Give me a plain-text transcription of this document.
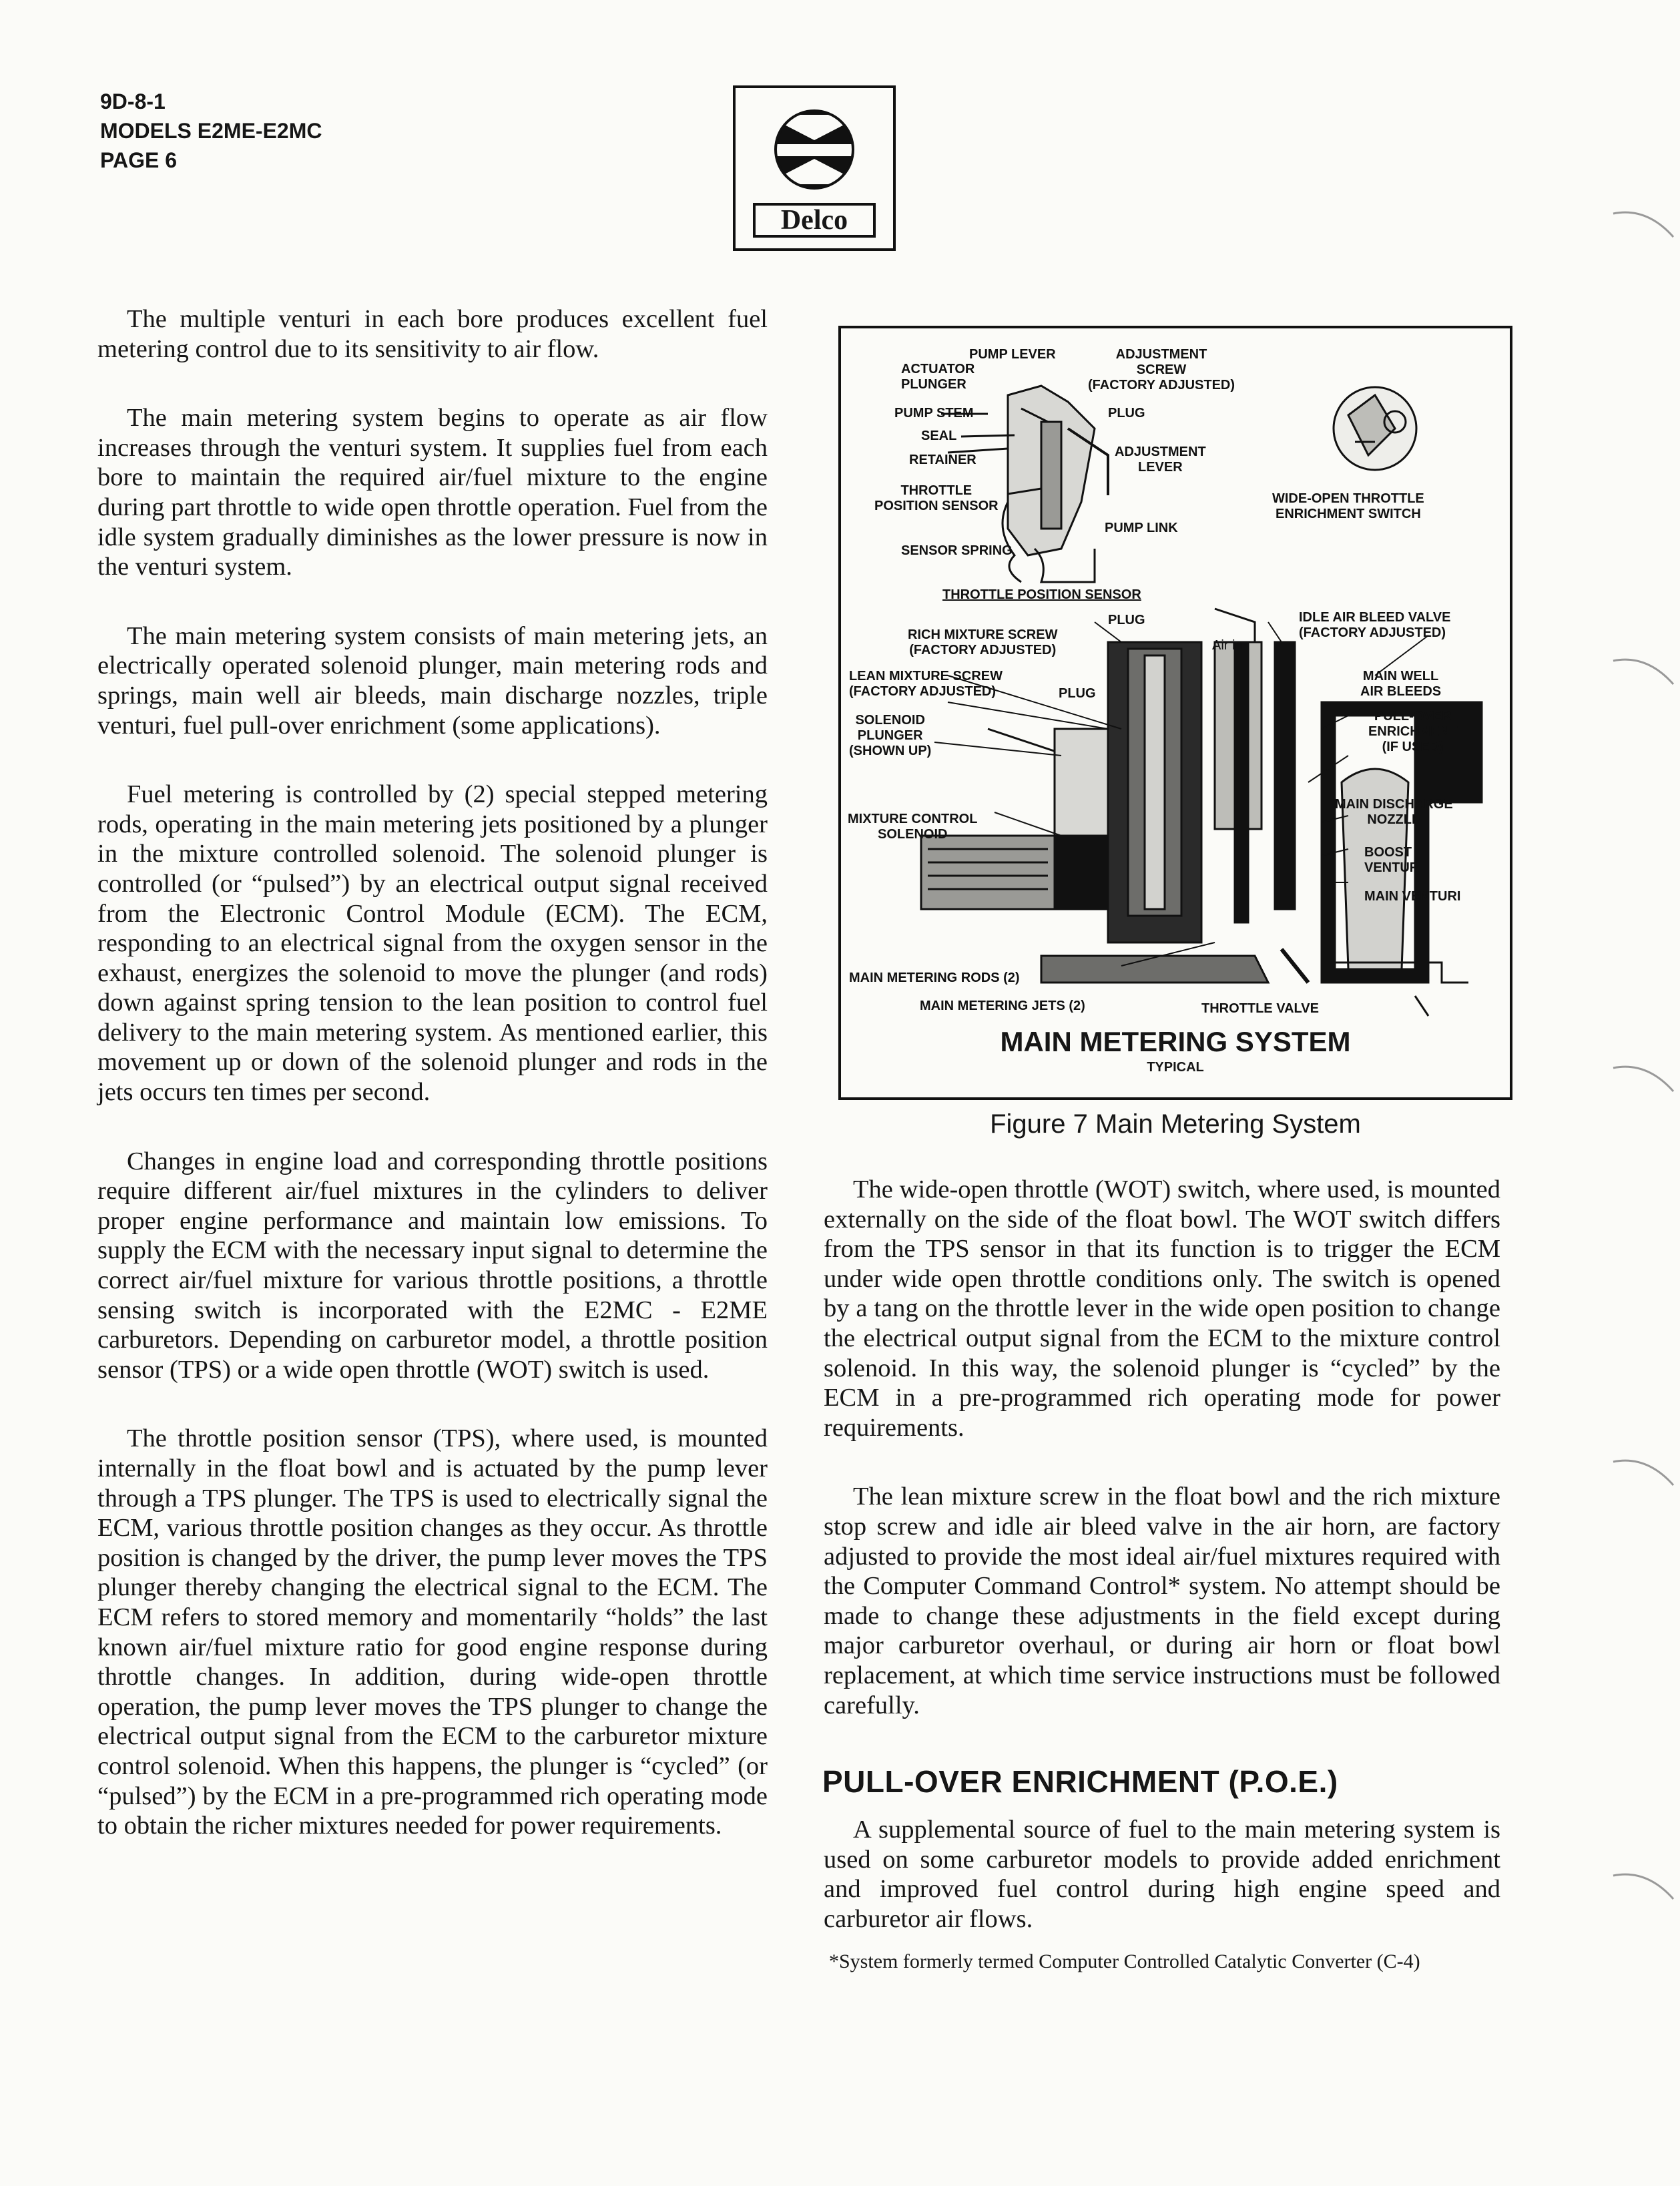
9D-8-1
MODELS E2ME-E2MC
PAGE 6
Delco

The multiple venturi in each bore produces excellent fuel metering control due to its sensitivity to air flow.

The main metering system begins to operate as air flow increases through the venturi system. It supplies fuel from each bore to maintain the required air/fuel mixture to the engine during part throttle to wide open throttle operation. Fuel from the idle system gradually diminishes as the lower pressure is now in the venturi system.

The main metering system consists of main metering jets, an electrically operated solenoid plunger, main metering rods and springs, main well air bleeds, main discharge nozzles, triple venturi, fuel pull-over enrichment (some applications).

Fuel metering is controlled by (2) special stepped metering rods, operating in the main metering jets positioned by a plunger in the mixture controlled solenoid. The solenoid plunger is controlled (or “pulsed”) by an electrical output signal received from the Electronic Control Module (ECM). The ECM, responding to an electrical signal from the oxygen sensor in the exhaust, energizes the solenoid to move the plunger (and rods) down against spring tension to the lean position to control fuel delivery to the main metering system. As mentioned earlier, this movement up or down of the solenoid plunger and rods in the jets occurs ten times per second.

Changes in engine load and corresponding throttle positions require different air/fuel mixtures in the cylinders to deliver proper engine performance and maintain low emissions. To supply the ECM with the necessary input signal to determine the correct air/fuel mixture for various throttle positions, a throttle sensing switch is incorporated with the E2MC - E2ME carburetors. Depending on carburetor model, a throttle position sensor (TPS) or a wide open throttle (WOT) switch is used.

The throttle position sensor (TPS), where used, is mounted internally in the float bowl and is actuated by the pump lever through a TPS plunger. The TPS is used to electrically signal the ECM, various throttle position changes as they occur. As throttle position is changed by the driver, the pump lever moves the TPS plunger thereby changing the electrical signal to the ECM. The ECM refers to stored memory and momentarily “holds” the last known air/fuel mixture ratio for good engine response during throttle changes. In addition, during wide-open throttle operation, the pump lever moves the TPS plunger to change the electrical output signal from the ECM to the carburetor mixture control solenoid. When this happens, the plunger is “cycled” (or “pulsed”) by the ECM in a pre-programmed rich operating mode to obtain the richer mixtures needed for power requirements.

PUMP LEVER	ADJUSTMENT
SCREW
(FACTORY ADJUSTED)
ACTUATOR
PLUNGER
PUMP STEM	PLUG
SEAL
ADJUSTMENT
LEVER
RETAINER
THROTTLE
POSITION SENSOR
PUMP LINK
WIDE-OPEN THROTTLE
ENRICHMENT SWITCH
SENSOR SPRING
THROTTLE POSITION SENSOR
PLUG
RICH MIXTURE SCREW
(FACTORY ADJUSTED)	Air in
IDLE AIR BLEED VALVE
(FACTORY ADJUSTED)
LEAN MIXTURE SCREW
(FACTORY ADJUSTED)	PLUG
MAIN WELL
AIR BLEEDS
SOLENOID
PLUNGER
(SHOWN UP)
PULL-OVER
ENRICHMENT
(IF USED)
MAIN DISCHARGE
NOZZLE
MIXTURE CONTROL
SOLENOID
BOOST
VENTURI
MAIN VENTURI
MAIN METERING RODS (2)
MAIN METERING JETS (2)	THROTTLE VALVE
MAIN METERING SYSTEM
TYPICAL
Figure 7 Main Metering System

The wide-open throttle (WOT) switch, where used, is mounted externally on the side of the float bowl. The WOT switch differs from the TPS sensor in that its function is to trigger the ECM under wide open throttle conditions only. The switch is opened by a tang on the throttle lever in the wide open position to change the electrical output signal from the ECM to the mixture control solenoid. In this way, the solenoid plunger is “cycled” by the ECM in a pre-programmed rich operating mode for power requirements.

The lean mixture screw in the float bowl and the rich mixture stop screw and idle air bleed valve in the air horn, are factory adjusted to provide the most ideal air/fuel mixtures required with the Computer Command Control* system. No attempt should be made to change these adjustments in the field except during major carburetor overhaul, or during air horn or float bowl replacement, at which time service instructions must be followed carefully.

PULL-OVER ENRICHMENT (P.O.E.)

A supplemental source of fuel to the main metering system is used on some carburetor models to provide added enrichment and improved fuel control during high engine speed and carburetor air flows.

*System formerly termed Computer Controlled Catalytic Converter (C-4)
